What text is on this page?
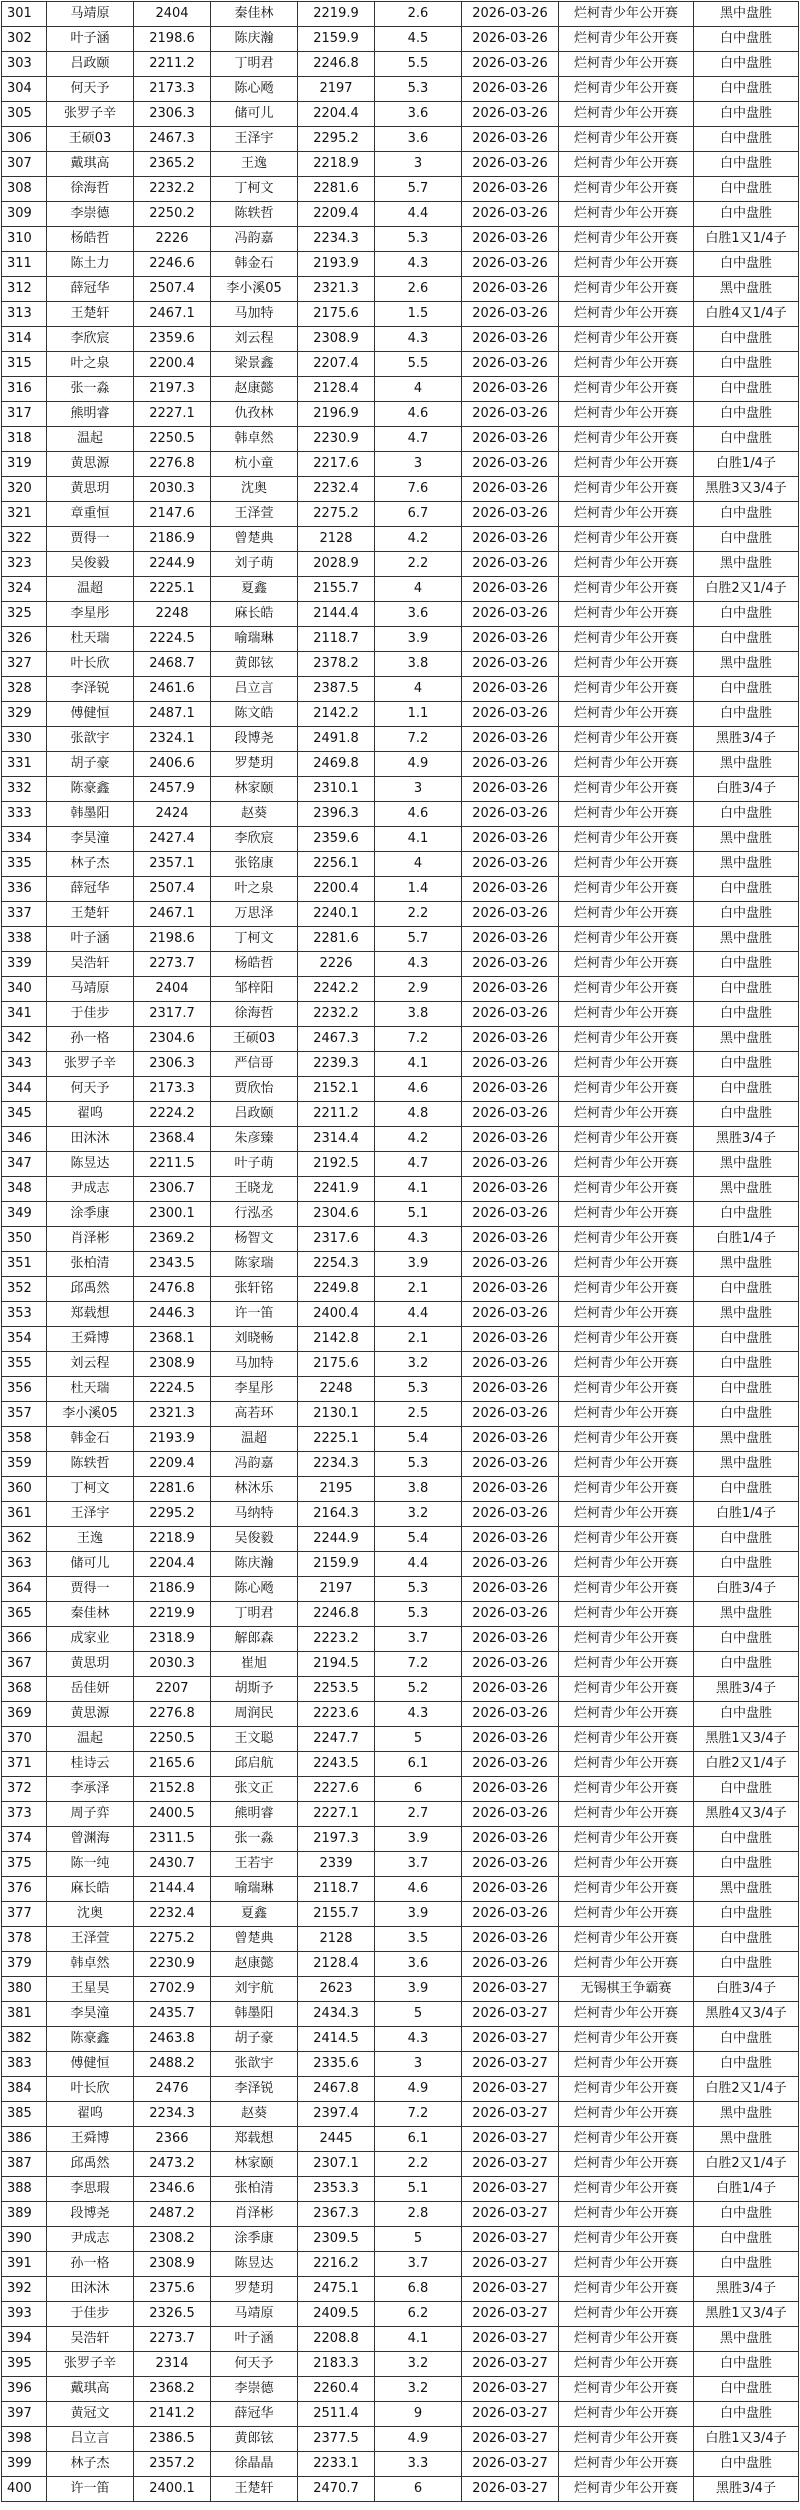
301	马靖原	2404	秦佳林	2219.9	2.6	2026-03-26	烂柯青少年公开赛	黑中盘胜
302	叶子涵	2198.6	陈庆瀚	2159.9	4.5	2026-03-26	烂柯青少年公开赛	白中盘胜
303	吕政颐	2211.2	丁明君	2246.8	5.5	2026-03-26	烂柯青少年公开赛	白中盘胜
304	何天予	2173.3	陈心飏	2197	5.3	2026-03-26	烂柯青少年公开赛	白中盘胜
305	张罗子辛	2306.3	储可儿	2204.4	3.6	2026-03-26	烂柯青少年公开赛	白中盘胜
306	王硕03	2467.3	王泽宇	2295.2	3.6	2026-03-26	烂柯青少年公开赛	白中盘胜
307	戴琪高	2365.2	王逸	2218.9	3	2026-03-26	烂柯青少年公开赛	白中盘胜
308	徐海哲	2232.2	丁柯文	2281.6	5.7	2026-03-26	烂柯青少年公开赛	白中盘胜
309	李崇德	2250.2	陈轶哲	2209.4	4.4	2026-03-26	烂柯青少年公开赛	白中盘胜
310	杨皓哲	2226	冯韵嘉	2234.3	5.3	2026-03-26	烂柯青少年公开赛	白胜1又1/4子
311	陈土力	2246.6	韩金石	2193.9	4.3	2026-03-26	烂柯青少年公开赛	白中盘胜
312	薛冠华	2507.4	李小溪05	2321.3	2.6	2026-03-26	烂柯青少年公开赛	黑中盘胜
313	王楚轩	2467.1	马加特	2175.6	1.5	2026-03-26	烂柯青少年公开赛	白胜4又1/4子
314	李欣宸	2359.6	刘云程	2308.9	4.3	2026-03-26	烂柯青少年公开赛	白中盘胜
315	叶之泉	2200.4	梁景鑫	2207.4	5.5	2026-03-26	烂柯青少年公开赛	白中盘胜
316	张一淼	2197.3	赵康懿	2128.4	4	2026-03-26	烂柯青少年公开赛	白中盘胜
317	熊明睿	2227.1	仇孜林	2196.9	4.6	2026-03-26	烂柯青少年公开赛	白中盘胜
318	温起	2250.5	韩卓然	2230.9	4.7	2026-03-26	烂柯青少年公开赛	白中盘胜
319	黄思源	2276.8	杭小童	2217.6	3	2026-03-26	烂柯青少年公开赛	白胜1/4子
320	黄思玥	2030.3	沈奥	2232.4	7.6	2026-03-26	烂柯青少年公开赛	黑胜3又3/4子
321	章重恒	2147.6	王泽萱	2275.2	6.7	2026-03-26	烂柯青少年公开赛	白中盘胜
322	贾得一	2186.9	曾楚典	2128	4.2	2026-03-26	烂柯青少年公开赛	白中盘胜
323	吴俊毅	2244.9	刘子萌	2028.9	2.2	2026-03-26	烂柯青少年公开赛	黑中盘胜
324	温超	2225.1	夏鑫	2155.7	4	2026-03-26	烂柯青少年公开赛	白胜2又1/4子
325	李星彤	2248	麻长皓	2144.4	3.6	2026-03-26	烂柯青少年公开赛	白中盘胜
326	杜天瑞	2224.5	喻瑞琳	2118.7	3.9	2026-03-26	烂柯青少年公开赛	白中盘胜
327	叶长欣	2468.7	黄郎铉	2378.2	3.8	2026-03-26	烂柯青少年公开赛	黑中盘胜
328	李泽锐	2461.6	吕立言	2387.5	4	2026-03-26	烂柯青少年公开赛	白中盘胜
329	傅健恒	2487.1	陈文皓	2142.2	1.1	2026-03-26	烂柯青少年公开赛	白中盘胜
330	张歆宇	2324.1	段博尧	2491.8	7.2	2026-03-26	烂柯青少年公开赛	黑胜3/4子
331	胡子豪	2406.6	罗楚玥	2469.8	4.9	2026-03-26	烂柯青少年公开赛	黑中盘胜
332	陈豪鑫	2457.9	林家颐	2310.1	3	2026-03-26	烂柯青少年公开赛	白胜3/4子
333	韩墨阳	2424	赵葵	2396.3	4.6	2026-03-26	烂柯青少年公开赛	白中盘胜
334	李昊潼	2427.4	李欣宸	2359.6	4.1	2026-03-26	烂柯青少年公开赛	黑中盘胜
335	林子杰	2357.1	张铭康	2256.1	4	2026-03-26	烂柯青少年公开赛	黑中盘胜
336	薛冠华	2507.4	叶之泉	2200.4	1.4	2026-03-26	烂柯青少年公开赛	白中盘胜
337	王楚轩	2467.1	万思泽	2240.1	2.2	2026-03-26	烂柯青少年公开赛	白中盘胜
338	叶子涵	2198.6	丁柯文	2281.6	5.7	2026-03-26	烂柯青少年公开赛	黑中盘胜
339	吴浩轩	2273.7	杨皓哲	2226	4.3	2026-03-26	烂柯青少年公开赛	白中盘胜
340	马靖原	2404	邹梓阳	2242.2	2.9	2026-03-26	烂柯青少年公开赛	白中盘胜
341	于佳步	2317.7	徐海哲	2232.2	3.8	2026-03-26	烂柯青少年公开赛	白中盘胜
342	孙一格	2304.6	王硕03	2467.3	7.2	2026-03-26	烂柯青少年公开赛	黑中盘胜
343	张罗子辛	2306.3	严信哥	2239.3	4.1	2026-03-26	烂柯青少年公开赛	白中盘胜
344	何天予	2173.3	贾欣怡	2152.1	4.6	2026-03-26	烂柯青少年公开赛	白中盘胜
345	翟呜	2224.2	吕政颐	2211.2	4.8	2026-03-26	烂柯青少年公开赛	白中盘胜
346	田沐沐	2368.4	朱彦臻	2314.4	4.2	2026-03-26	烂柯青少年公开赛	黑胜3/4子
347	陈昱达	2211.5	叶子萌	2192.5	4.7	2026-03-26	烂柯青少年公开赛	黑中盘胜
348	尹成志	2306.7	王晓龙	2241.9	4.1	2026-03-26	烂柯青少年公开赛	黑中盘胜
349	涂季康	2300.1	行泓丞	2304.6	5.1	2026-03-26	烂柯青少年公开赛	白中盘胜
350	肖泽彬	2369.2	杨智文	2317.6	4.3	2026-03-26	烂柯青少年公开赛	白胜1/4子
351	张柏清	2343.5	陈家瑞	2254.3	3.9	2026-03-26	烂柯青少年公开赛	黑中盘胜
352	邱禹然	2476.8	张轩铭	2249.8	2.1	2026-03-26	烂柯青少年公开赛	白中盘胜
353	郑载想	2446.3	许一笛	2400.4	4.4	2026-03-26	烂柯青少年公开赛	黑中盘胜
354	王舜博	2368.1	刘晓畅	2142.8	2.1	2026-03-26	烂柯青少年公开赛	白中盘胜
355	刘云程	2308.9	马加特	2175.6	3.2	2026-03-26	烂柯青少年公开赛	白中盘胜
356	杜天瑞	2224.5	李星彤	2248	5.3	2026-03-26	烂柯青少年公开赛	白中盘胜
357	李小溪05	2321.3	高若环	2130.1	2.5	2026-03-26	烂柯青少年公开赛	白中盘胜
358	韩金石	2193.9	温超	2225.1	5.4	2026-03-26	烂柯青少年公开赛	黑中盘胜
359	陈轶哲	2209.4	冯韵嘉	2234.3	5.3	2026-03-26	烂柯青少年公开赛	黑中盘胜
360	丁柯文	2281.6	林沐乐	2195	3.8	2026-03-26	烂柯青少年公开赛	白中盘胜
361	王泽宇	2295.2	马纳特	2164.3	3.2	2026-03-26	烂柯青少年公开赛	白胜1/4子
362	王逸	2218.9	吴俊毅	2244.9	5.4	2026-03-26	烂柯青少年公开赛	白中盘胜
363	储可儿	2204.4	陈庆瀚	2159.9	4.4	2026-03-26	烂柯青少年公开赛	白中盘胜
364	贾得一	2186.9	陈心飏	2197	5.3	2026-03-26	烂柯青少年公开赛	白胜3/4子
365	秦佳林	2219.9	丁明君	2246.8	5.3	2026-03-26	烂柯青少年公开赛	黑中盘胜
366	成家业	2318.9	解郎森	2223.2	3.7	2026-03-26	烂柯青少年公开赛	白中盘胜
367	黄思玥	2030.3	崔旭	2194.5	7.2	2026-03-26	烂柯青少年公开赛	白中盘胜
368	岳佳妍	2207	胡斯予	2253.5	5.2	2026-03-26	烂柯青少年公开赛	黑胜3/4子
369	黄思源	2276.8	周润民	2223.6	4.3	2026-03-26	烂柯青少年公开赛	白中盘胜
370	温起	2250.5	王文聪	2247.7	5	2026-03-26	烂柯青少年公开赛	黑胜1又3/4子
371	桂诗云	2165.6	邱启航	2243.5	6.1	2026-03-26	烂柯青少年公开赛	白胜2又1/4子
372	李承泽	2152.8	张文正	2227.6	6	2026-03-26	烂柯青少年公开赛	白中盘胜
373	周子弈	2400.5	熊明睿	2227.1	2.7	2026-03-26	烂柯青少年公开赛	黑胜4又3/4子
374	曾渊海	2311.5	张一淼	2197.3	3.9	2026-03-26	烂柯青少年公开赛	白中盘胜
375	陈一纯	2430.7	王若宇	2339	3.7	2026-03-26	烂柯青少年公开赛	白中盘胜
376	麻长皓	2144.4	喻瑞琳	2118.7	4.6	2026-03-26	烂柯青少年公开赛	黑中盘胜
377	沈奥	2232.4	夏鑫	2155.7	3.9	2026-03-26	烂柯青少年公开赛	白中盘胜
378	王泽萱	2275.2	曾楚典	2128	3.5	2026-03-26	烂柯青少年公开赛	白中盘胜
379	韩卓然	2230.9	赵康懿	2128.4	3.6	2026-03-26	烂柯青少年公开赛	白中盘胜
380	王星昊	2702.9	刘宇航	2623	3.9	2026-03-27	无锡棋王争霸赛	白胜3/4子
381	李昊潼	2435.7	韩墨阳	2434.3	5	2026-03-27	烂柯青少年公开赛	黑胜4又3/4子
382	陈豪鑫	2463.8	胡子豪	2414.5	4.3	2026-03-27	烂柯青少年公开赛	白中盘胜
383	傅健恒	2488.2	张歆宇	2335.6	3	2026-03-27	烂柯青少年公开赛	白中盘胜
384	叶长欣	2476	李泽锐	2467.8	4.9	2026-03-27	烂柯青少年公开赛	白胜2又1/4子
385	翟呜	2234.3	赵葵	2397.4	7.2	2026-03-27	烂柯青少年公开赛	黑中盘胜
386	王舜博	2366	郑载想	2445	6.1	2026-03-27	烂柯青少年公开赛	黑中盘胜
387	邱禹然	2473.2	林家颐	2307.1	2.2	2026-03-27	烂柯青少年公开赛	白胜2又1/4子
388	李思瑕	2346.6	张柏清	2353.3	5.1	2026-03-27	烂柯青少年公开赛	白胜1/4子
389	段博尧	2487.2	肖泽彬	2367.3	2.8	2026-03-27	烂柯青少年公开赛	白中盘胜
390	尹成志	2308.2	涂季康	2309.5	5	2026-03-27	烂柯青少年公开赛	白中盘胜
391	孙一格	2308.9	陈昱达	2216.2	3.7	2026-03-27	烂柯青少年公开赛	白中盘胜
392	田沐沐	2375.6	罗楚玥	2475.1	6.8	2026-03-27	烂柯青少年公开赛	黑胜3/4子
393	于佳步	2326.5	马靖原	2409.5	6.2	2026-03-27	烂柯青少年公开赛	黑胜1又3/4子
394	吴浩轩	2273.7	叶子涵	2208.8	4.1	2026-03-27	烂柯青少年公开赛	黑中盘胜
395	张罗子辛	2314	何天予	2183.3	3.2	2026-03-27	烂柯青少年公开赛	白中盘胜
396	戴琪高	2368.2	李崇德	2260.4	3.2	2026-03-27	烂柯青少年公开赛	白中盘胜
397	黄冠文	2141.2	薛冠华	2511.4	9	2026-03-27	烂柯青少年公开赛	白中盘胜
398	吕立言	2386.5	黄郎铉	2377.5	4.9	2026-03-27	烂柯青少年公开赛	白胜1又3/4子
399	林子杰	2357.2	徐晶晶	2233.1	3.3	2026-03-27	烂柯青少年公开赛	白中盘胜
400	许一笛	2400.1	王楚轩	2470.7	6	2026-03-27	烂柯青少年公开赛	黑胜3/4子
